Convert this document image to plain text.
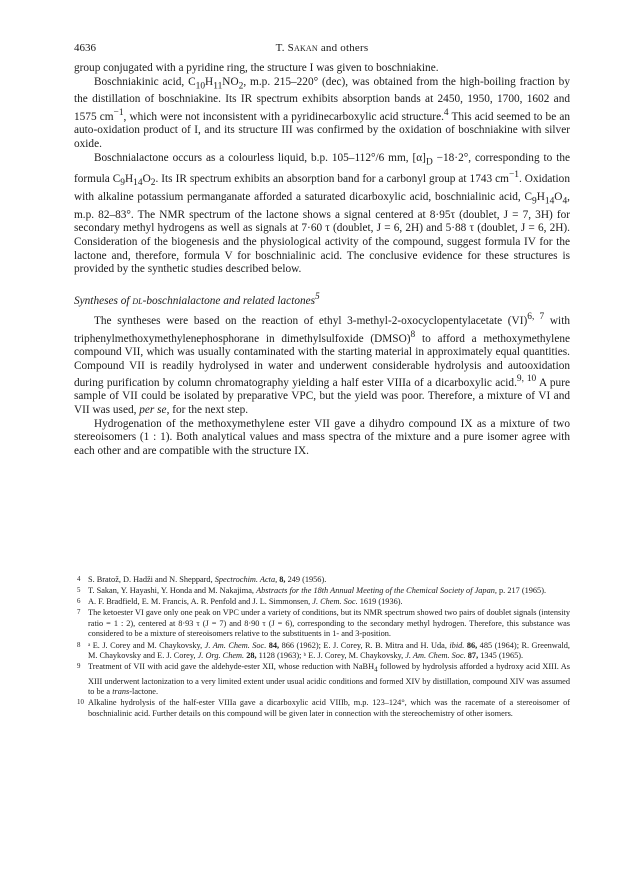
4636	T. Sakan and others

group conjugated with a pyridine ring, the structure I was given to boschniakine.

Boschniakinic acid, $C_{10}H_{11}NO_2$, m.p. 215–220° (dec), was obtained from the high-boiling fraction by the distillation of boschniakine. Its IR spectrum exhibits absorption bands at 2450, 1950, 1700, 1602 and 1575 $cm^{-1}$, which were not inconsistent with a pyridinecarboxylic acid structure.$^4$ This acid seemed to be an auto-oxidation product of I, and its structure III was confirmed by the oxidation of boschniakine with silver oxide.

Boschnialactone occurs as a colourless liquid, b.p. 105–112°/6 mm, $[\alpha]_D -18\cdot 2^\circ$, corresponding to the formula $C_9H_{14}O_2$. Its IR spectrum exhibits an absorption band for a carbonyl group at 1743 $cm^{-1}$. Oxidation with alkaline potassium permanganate afforded a saturated dicarboxylic acid, boschnialinic acid, $C_9H_{14}O_4$, m.p. 82–83°. The NMR spectrum of the lactone shows a signal centered at 8·95τ (doublet, J = 7, 3H) for secondary methyl hydrogens as well as signals at 7·60 τ (doublet, J = 6, 2H) and 5·88 τ (doublet, J = 6, 2H). Consideration of the biogenesis and the physiological activity of the compound, suggest formula IV for the lactone and, therefore, formula V for boschnialinic acid. The conclusive evidence for these structures is provided by the synthetic studies described below.

Syntheses of dl-boschnialactone and related lactones$^5$

The syntheses were based on the reaction of ethyl 3-methyl-2-oxocyclopentylacetate (VI)$^{6, 7}$ with triphenylmethoxymethylenephosphorane in dimethylsulfoxide (DMSO)$^8$ to afford a methoxymethylene compound VII, which was usually contaminated with the starting material in approximately equal quantities. Compound VII is readily hydrolysed in water and underwent considerable hydrolysis and autooxidation during purification by column chromatography yielding a half ester VIIIa of a dicarboxylic acid.$^{9, 10}$ A pure sample of VII could be isolated by preparative VPC, but the yield was poor. Therefore, a mixture of VI and VII was used, per se, for the next step.

Hydrogenation of the methoxymethylene ester VII gave a dihydro compound IX as a mixture of two stereoisomers (1 : 1). Both analytical values and mass spectra of the mixture and a pure isomer agree with each other and are compatible with the structure IX.

4 S. Bratož, D. Hadži and N. Sheppard, Spectrochim. Acta, 8, 249 (1956).
5 T. Sakan, Y. Hayashi, Y. Honda and M. Nakajima, Abstracts for the 18th Annual Meeting of the Chemical Society of Japan, p. 217 (1965).
6 A. F. Bradfield, E. M. Francis, A. R. Penfold and J. L. Simmonsen, J. Chem. Soc. 1619 (1936).
7 The ketoester VI gave only one peak on VPC under a variety of conditions, but its NMR spectrum showed two pairs of doublet signals (intensity ratio = 1 : 2), centered at 8·93 τ (J = 7) and 8·90 τ (J = 6), corresponding to the secondary methyl hydrogen. Therefore, this substance was considered to be a mixture of stereoisomers relative to the substituents in 1- and 3-position.
8 ᵃ E. J. Corey and M. Chaykovsky, J. Am. Chem. Soc. 84, 866 (1962); E. J. Corey, R. B. Mitra and H. Uda, ibid. 86, 485 (1964); R. Greenwald, M. Chaykovsky and E. J. Corey, J. Org. Chem. 28, 1128 (1963); ᵇ E. J. Corey, M. Chaykovsky, J. Am. Chem. Soc. 87, 1345 (1965).
9 Treatment of VII with acid gave the aldehyde-ester XII, whose reduction with NaBH$_4$ followed by hydrolysis afforded a hydroxy acid XIII. As XIII underwent lactonization to a very limited extent under usual acidic conditions and formed XIV by distillation, compound XIV was assumed to be a trans-lactone.
10 Alkaline hydrolysis of the half-ester VIIIa gave a dicarboxylic acid VIIIb, m.p. 123–124°, which was the racemate of a stereoisomer of boschnialinic acid. Further details on this compound will be given later in connection with the stereochemistry of other isomers.
